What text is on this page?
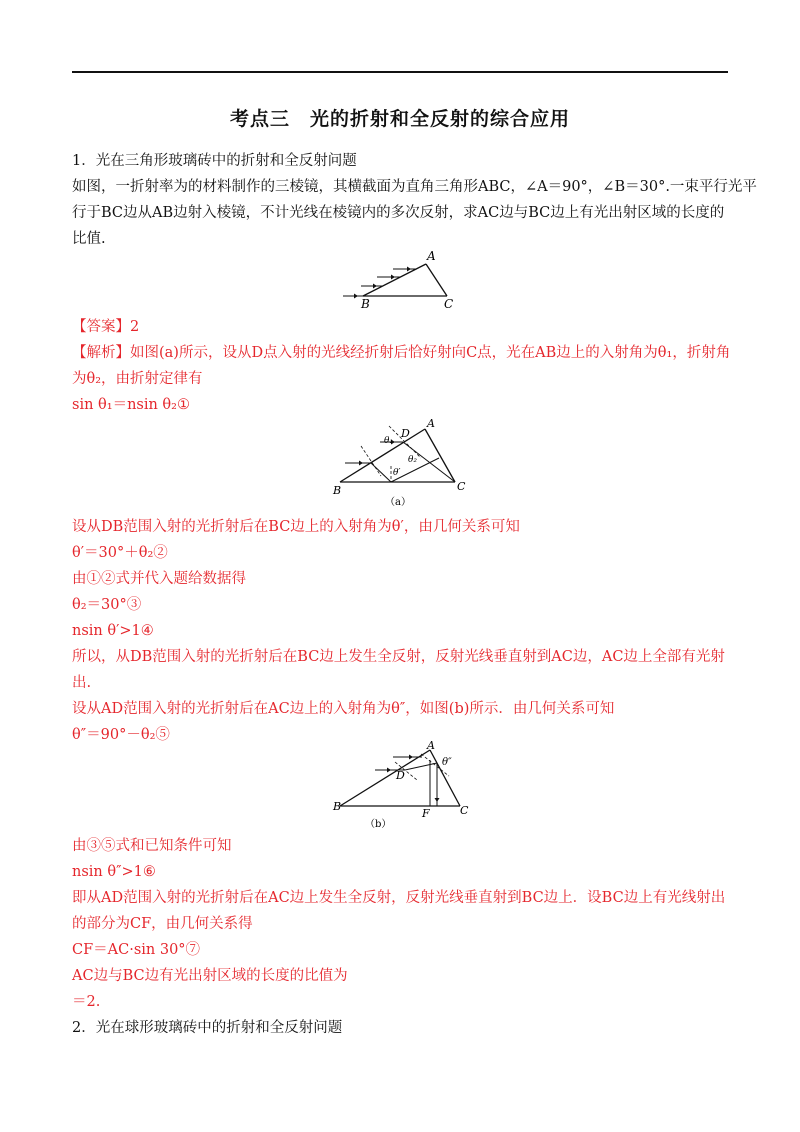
考点三　光的折射和全反射的综合应用
1．光在三角形玻璃砖中的折射和全反射问题
如图，一折射率为的材料制作的三棱镜，其横截面为直角三角形ABC，∠A＝90°，∠B＝30°.一束平行光平
行于BC边从AB边射入棱镜，不计光线在棱镜内的多次反射，求AC边与BC边上有光出射区域的长度的
比值.
A
B	C
【答案】2
【解析】如图(a)所示，设从D点入射的光线经折射后恰好射向C点，光在AB边上的入射角为θ₁，折射角
为θ₂，由折射定律有
sin θ₁＝nsin θ₂①
A
D
θ₁
θ₂
θ′
B	C
（a）
设从DB范围入射的光折射后在BC边上的入射角为θ′，由几何关系可知
θ′＝30°＋θ₂②
由①②式并代入题给数据得
θ₂＝30°③
nsin θ′>1④
所以，从DB范围入射的光折射后在BC边上发生全反射，反射光线垂直射到AC边，AC边上全部有光射
出.
设从AD范围入射的光折射后在AC边上的入射角为θ″，如图(b)所示．由几何关系可知
θ″＝90°－θ₂⑤
A
θ″
D
B
F	C
（b）
由③⑤式和已知条件可知
nsin θ″>1⑥
即从AD范围入射的光折射后在AC边上发生全反射，反射光线垂直射到BC边上．设BC边上有光线射出
的部分为CF，由几何关系得
CF＝AC·sin 30°⑦
AC边与BC边有光出射区域的长度的比值为
＝2.
2．光在球形玻璃砖中的折射和全反射问题
